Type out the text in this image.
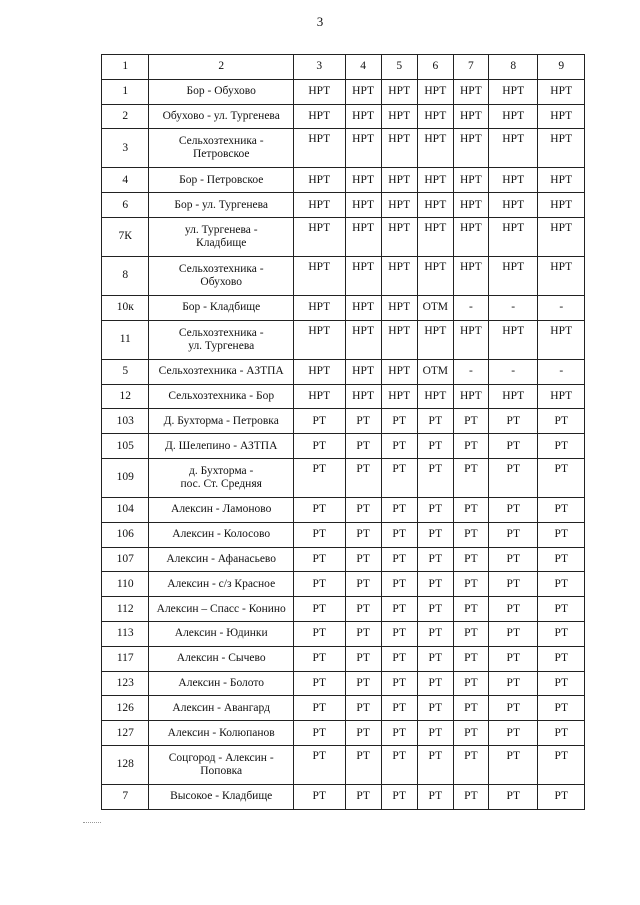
3
1	2	3	4	5	6	7	8	9
1	Бор - Обухово	НРТ	НРТ	НРТ	НРТ	НРТ	НРТ	НРТ
2	Обухово - ул. Тургенева	НРТ	НРТ	НРТ	НРТ	НРТ	НРТ	НРТ
3	Сельхозтехника -
Петровское	НРТ	НРТ	НРТ	НРТ	НРТ	НРТ	НРТ
4	Бор - Петровское	НРТ	НРТ	НРТ	НРТ	НРТ	НРТ	НРТ
6	Бор - ул. Тургенева	НРТ	НРТ	НРТ	НРТ	НРТ	НРТ	НРТ
7К	ул. Тургенева -
Кладбище	НРТ	НРТ	НРТ	НРТ	НРТ	НРТ	НРТ
8	Сельхозтехника -
Обухово	НРТ	НРТ	НРТ	НРТ	НРТ	НРТ	НРТ
10к	Бор - Кладбище	НРТ	НРТ	НРТ	ОТМ	-	-	-
11	Сельхозтехника -
ул. Тургенева	НРТ	НРТ	НРТ	НРТ	НРТ	НРТ	НРТ
5	Сельхозтехника - АЗТПА	НРТ	НРТ	НРТ	ОТМ	-	-	-
12	Сельхозтехника - Бор	НРТ	НРТ	НРТ	НРТ	НРТ	НРТ	НРТ
103	Д. Бухторма - Петровка	РТ	РТ	РТ	РТ	РТ	РТ	РТ
105	Д. Шелепино - АЗТПА	РТ	РТ	РТ	РТ	РТ	РТ	РТ
109	д. Бухторма -
пос. Ст. Средняя	РТ	РТ	РТ	РТ	РТ	РТ	РТ
104	Алексин - Ламоново	РТ	РТ	РТ	РТ	РТ	РТ	РТ
106	Алексин - Колосово	РТ	РТ	РТ	РТ	РТ	РТ	РТ
107	Алексин - Афанасьево	РТ	РТ	РТ	РТ	РТ	РТ	РТ
110	Алексин - с/з Красное	РТ	РТ	РТ	РТ	РТ	РТ	РТ
112	Алексин – Спасс - Конино	РТ	РТ	РТ	РТ	РТ	РТ	РТ
113	Алексин - Юдинки	РТ	РТ	РТ	РТ	РТ	РТ	РТ
117	Алексин - Сычево	РТ	РТ	РТ	РТ	РТ	РТ	РТ
123	Алексин - Болото	РТ	РТ	РТ	РТ	РТ	РТ	РТ
126	Алексин - Авангард	РТ	РТ	РТ	РТ	РТ	РТ	РТ
127	Алексин - Колюпанов	РТ	РТ	РТ	РТ	РТ	РТ	РТ
128	Соцгород - Алексин -
Поповка	РТ	РТ	РТ	РТ	РТ	РТ	РТ
7	Высокое - Кладбище	РТ	РТ	РТ	РТ	РТ	РТ	РТ
